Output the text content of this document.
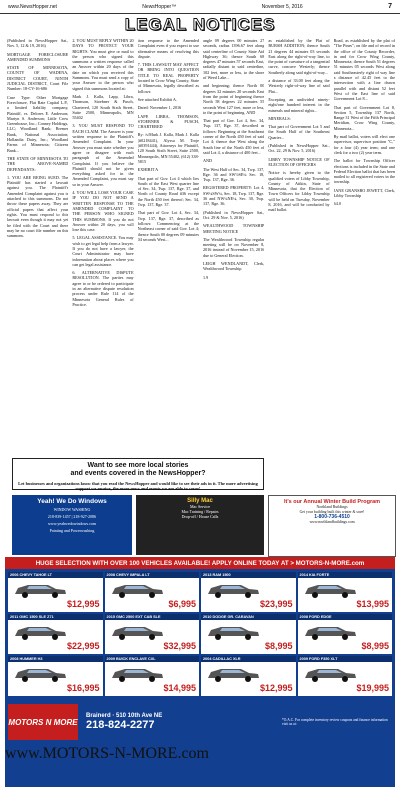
www.NewsHopper.net	NewsHopper™	November 5, 2016	7
LEGAL NOTICES

(Published in NewsHopper Sat., Nov. 5, 12 & 19, 2016)

MORTGAGE FORECLOSURE AMENDED SUMMONS

STATE OF MINNESOTA, COUNTY OF WADENA, DISTRICT COURT, NINTH JUDICIAL DISTRICT, Court File Number: 18-CV-16-686

Case Type: Other Mortgage Foreclosure, Flat Rate Capital L.P., a limited liability company, Plaintiff, vs. Delores E. Anderson; Martyn S. Anderson; Little Crow Greenhouse, Inc.; Conney Holdings, LLC; Woodland Bank; Bremer Bank, National Association; Hollandia Dairy, Inc.; Woodland Farms of Minnesota; Citizens Bank...

THE STATE OF MINNESOTA TO THE ABOVE-NAMED DEFENDANTS:

1. YOU ARE BEING SUED. The Plaintiff has started a lawsuit against you. The Plaintiff's Amended Complaint against you is attached to this summons. Do not throw these papers away. They are official papers that affect your rights. You must respond to this lawsuit even though it may not yet be filed with the Court and there may be no court file number on this summons.

2. YOU MUST REPLY WITHIN 20 DAYS TO PROTECT YOUR RIGHTS. You must give or mail to the person who signed this summons a written response called an Answer within 20 days of the date on which you received this Summons. You must send a copy of your Answer to the person who signed this summons located at:

Mark J. Kalla, Lapp, Libra, Thomson, Stoebner & Pusch, Chartered, 120 South Sixth Street, Suite 2500, Minneapolis, MN 55402

3. YOU MUST RESPOND TO EACH CLAIM. The Answer is your written response to the Plaintiff's Amended Complaint. In your Answer you must state whether you agree or disagree with each paragraph of the Amended Complaint. If you believe the Plaintiff should not be given everything asked for in the Amended Complaint, you must say so in your Answer.

4. YOU WILL LOSE YOUR CASE IF YOU DO NOT SEND A WRITTEN RESPONSE TO THE AMENDED COMPLAINT TO THE PERSON WHO SIGNED THIS SUMMONS. If you do not Answer within 20 days, you will lose this case.

5. LEGAL ASSISTANCE. You may wish to get legal help from a lawyer. If you do not have a lawyer, the Court Administrator may have information about places where you can get legal assistance.

6. ALTERNATIVE DISPUTE RESOLUTION. The parties may agree to or be ordered to participate in an alternative dispute resolution process under Rule 114 of the Minnesota General Rules of Practice.

tion response to the Amended Complaint even if you expect to use alternative means of resolving this dispute.

7. THIS LAWSUIT MAY AFFECT OR BRING INTO QUESTION TITLE TO REAL PROPERTY located in Crow Wing County, State of Minnesota, legally described as follows:

See attached Exhibit A.

Dated: November 1, 2016

LAPP, LIBRA, THOMSON, STOEBNER & PUSCH, CHARTERED

By: /s/Mark J. Kalla, Mark J. Kalla (#0218441), Alyssa M. Troje (#0391444), Attorneys for Plaintiff, 120 South Sixth Street, Suite 2500, Minneapolis, MN 55402, (612) 338-5815

EXHIBIT A

That part of Gov. Lot 4 which lies South of the East West quarter line of Sec. 34, Twp. 137, Rge. 37, and North of County Road #36 except the North 450 feet thereof; Sec. 34, Twp. 137, Rge. 37.

That part of Gov. Lot 4, Sec. 34, Twp. 137, Rge. 37, described as follows: Commencing at the Northeast corner of said Gov. Lot 4; thence South 00 degrees 09 minutes 04 seconds West...

angle 09 degrees 00 minutes 27 seconds, radius 1396.67 feet along said centerline of County State Aid Highway 36; thence South 68 degrees 47 minutes 57 seconds East, radially distant to said centerline, 102 feet, more or less, to the shore of Weed Lake...

and beginning; thence North 00 degrees 32 minutes 20 seconds East from the point of beginning thence North 58 degrees 22 minutes 55 seconds West 127 feet, more or less, to the point of beginning. AND

That part of Gov. Lot 4, Sec. 34, Twp. 137, Rge. 37, described as follows: Beginning at the Southeast corner of the North 450 feet of said Lot 4; thence due West along the South line of the North 450 feet of said Lot 4, a distance of 400 feet...

AND

The West Half of Sec. 34, Twp. 137, Rge. 36 and SW½SE¼ Sec. 18, Twp. 137, Rge. 36.

REGISTERED PROPERTY: Lot 4, SW¼SW¼, Sec. 18, Twp. 137, Rge. 36 and NW¼NE¼, Sec. 30, Twp. 137, Rge. 36.

(Published in NewsHopper Sat., Oct. 29 & Nov. 5, 2016)

WEALTHWOOD TOWNSHIP MEETING NOTICE

The Wealthwood Township regular meeting will be on November 8, 2016 instead of November 15, 2016 due to General Election.

LEIGH WENDLANDT, Clerk, Wealthwood Township

1.9

as established by the Plat of BURSH ADDITION; thence South 21 degrees 44 minutes 03 seconds East along the right-of-way line, to the point of curvature of a tangential curve, concave Westerly; thence Southerly along said right-of-way...

a distance of 33.00 feet along the Westerly right-of-way line of said Plat...

Excepting an undivided ninety-eight/one hundred interest in the minerals and mineral rights...

MINERALS:

That part of Government Lot 5 and the South Half of the Southeast Quarter...

(Published in NewsHopper Sat., Oct. 22, 29 & Nov. 5, 2016)

LIBBY TOWNSHIP NOTICE OF ELECTION OF OFFICERS

Notice is hereby given to the qualified voters of Libby Township, County of Aitkin, State of Minnesota, that the Election of Town Officers for Libby Township will be held on Tuesday, November 8, 2016, and will be conducted by mail ballot.

Road, as established by the plat of "The Pines"; on file and of record in the office of the County Recorder, in and for Crow Wing County, Minnesota; thence South 51 degrees 51 minutes 05 seconds West along said Southeasterly right of way line a distance of 42.45 feet to the intersection with a line drawn parallel with and distant 52 feet West of the East line of said Government Lot 8...

That part of Government Lot 8, Section 5, Township 137 North, Range 31 West of the Fifth Principal Meridian, Crow Wing County, Minnesota...

By mail ballot, voters will elect one supervisor, supervisor position "C," for a four (4) year term; and one clerk for a two (2) year term.

The ballot for Township Officer elections is included in the State and Federal Election ballot that has been mailed to all registered voters in the township.

JANE GRANSBO JEWETT, Clerk, Libby Township

64.0

Want to see more local stories
and events covered in the NewsHopper?
Let businesses and organizations know that you read the NewsHopper and would like to see their ads in it. The more advertising support we receive, the more news and events we are able to cover!
Yeah! We Do Windows
WINDOW WASHING
218-839-1457 | 218-927-2086
www.yeahwedowindows.com
Painting and Powerwashing
Silly Mac
Mac Service
Mac Training / Repairs
Drop-off / House Calls
It's our Annual Winter Build Program
Northland Buildings
Get your building built this winter & save!
1-800-736-4510
www.northlandbuildings.com
HUGE SELECTION WITH OVER 100 VEHICLES AVAILABLE! APPLY ONLINE TODAY AT > MOTORS-N-MORE.com
2006 CHEVY TAHOE LT
$12,995
2008 CHEVY IMPALA LT
$6,995
2013 RAM 1500
$23,995
2014 KIA FORTE
$13,995
2011 GMC 1500 SLE Z71
$22,995
2015 GMC 2500 EXT CAB SLE
$32,995
2010 DODGE GR. CARAVAN
$8,995
2008 FORD EDGE
$8,995
2008 HUMMER H3
$16,995
2009 BUICK ENCLAVE CXL
$14,995
2004 CADILLAC XLR
$12,995
2009 FORD F350 XLT
$19,995
MOTORS N MORE
Brainerd · 510 10th Ave NE
218-824-2277	*O.A.C. For complete inventory review coupons and finance information visit us at:
www.MOTORS-N-MORE.com
